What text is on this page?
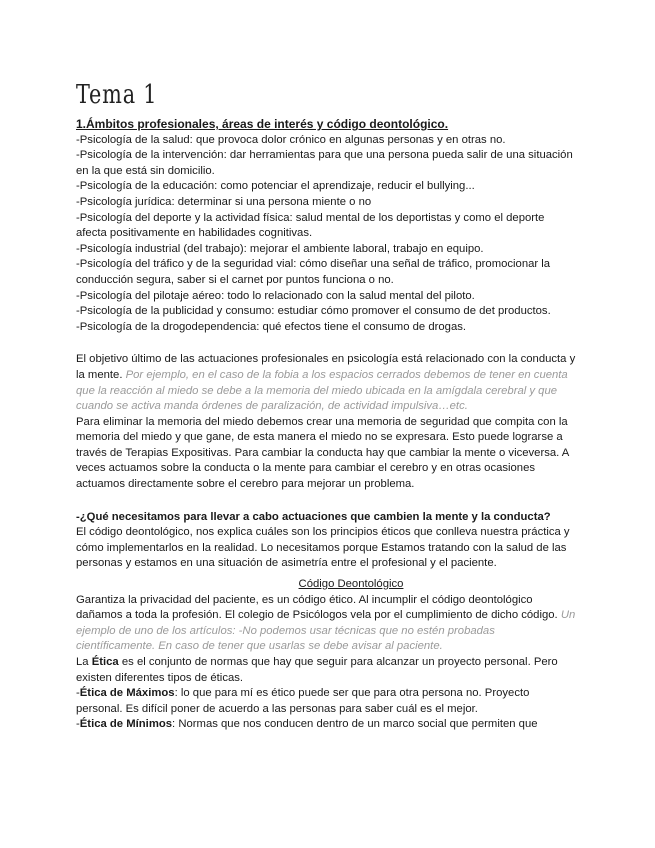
Tema 1

1.Ámbitos profesionales, áreas de interés y código deontológico.

-Psicología de la salud: que provoca dolor crónico en algunas personas y en otras no.

-Psicología de la intervención: dar herramientas para que una persona pueda salir de una situación en la que está sin domicilio.

-Psicología de la educación: como potenciar el aprendizaje, reducir el bullying...

-Psicología jurídica: determinar si una persona miente o no

-Psicología del deporte y la actividad física: salud mental de los deportistas y como el deporte afecta positivamente en habilidades cognitivas.

-Psicología industrial (del trabajo): mejorar el ambiente laboral, trabajo en equipo.

-Psicología del tráfico y de la seguridad vial: cómo diseñar una señal de tráfico, promocionar la conducción segura, saber si el carnet por puntos funciona o no.

-Psicología del pilotaje aéreo: todo lo relacionado con la salud mental del piloto.

-Psicología de la publicidad y consumo: estudiar cómo promover el consumo de det productos.

-Psicología de la drogodependencia: qué efectos tiene el consumo de drogas.

El objetivo último de las actuaciones profesionales en psicología está relacionado con la conducta y la mente. Por ejemplo, en el caso de la fobia a los espacios cerrados debemos de tener en cuenta que la reacción al miedo se debe a la memoria del miedo ubicada en la amígdala cerebral y que cuando se activa manda órdenes de paralización, de actividad impulsiva…etc.

Para eliminar la memoria del miedo debemos crear una memoria de seguridad que compita con la memoria del miedo y que gane, de esta manera el miedo no se expresara. Esto puede lograrse a través de Terapias Expositivas. Para cambiar la conducta hay que cambiar la mente o viceversa. A veces actuamos sobre la conducta o la mente para cambiar el cerebro y en otras ocasiones actuamos directamente sobre el cerebro para mejorar un problema.

-¿Qué necesitamos para llevar a cabo actuaciones que cambien la mente y la conducta?

El código deontológico, nos explica cuáles son los principios éticos que conlleva nuestra práctica y cómo implementarlos en la realidad. Lo necesitamos porque Estamos tratando con la salud de las personas y estamos en una situación de asimetría entre el profesional y el paciente.

Código Deontológico

Garantiza la privacidad del paciente, es un código ético. Al incumplir el código deontológico dañamos a toda la profesión. El colegio de Psicólogos vela por el cumplimiento de dicho código. Un ejemplo de uno de los artículos: -No podemos usar técnicas que no estén probadas científicamente. En caso de tener que usarlas se debe avisar al paciente.

La Ética es el conjunto de normas que hay que seguir para alcanzar un proyecto personal. Pero existen diferentes tipos de éticas.

-Ética de Máximos: lo que para mí es ético puede ser que para otra persona no. Proyecto personal. Es difícil poner de acuerdo a las personas para saber cuál es el mejor.

-Ética de Mínimos: Normas que nos conducen dentro de un marco social que permiten que
